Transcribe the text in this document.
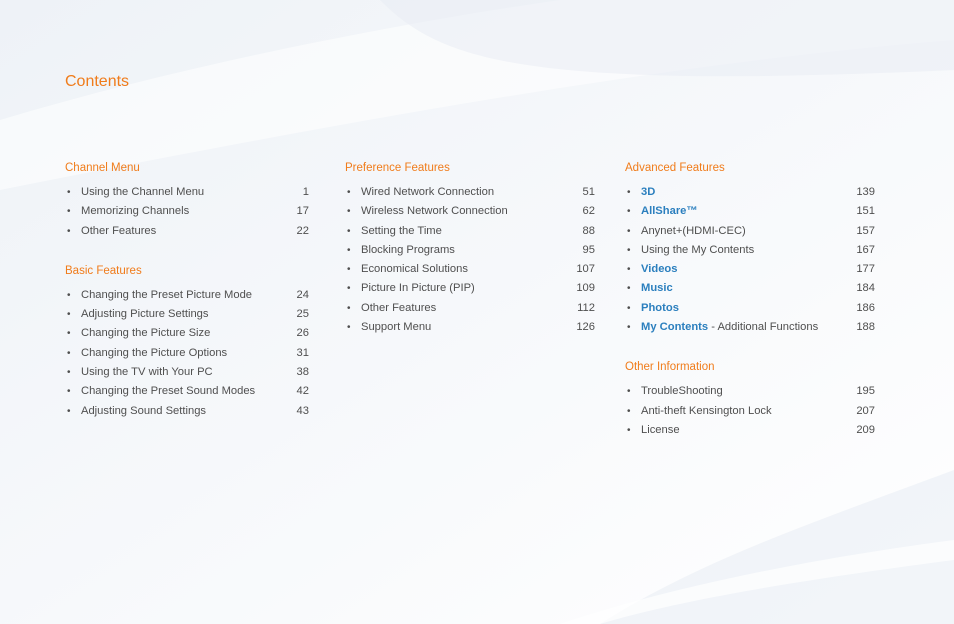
Contents
Channel Menu
• Using the Channel Menu	1
• Memorizing Channels	17
• Other Features	22
Basic Features
• Changing the Preset Picture Mode	24
• Adjusting Picture Settings	25
• Changing the Picture Size	26
• Changing the Picture Options	31
• Using the TV with Your PC	38
• Changing the Preset Sound Modes	42
• Adjusting Sound Settings	43
Preference Features
• Wired Network Connection	51
• Wireless Network Connection	62
• Setting the Time	88
• Blocking Programs	95
• Economical Solutions	107
• Picture In Picture (PIP)	109
• Other Features	112
• Support Menu	126
Advanced Features
• 3D	139
• AllShare™	151
• Anynet+(HDMI-CEC)	157
• Using the My Contents	167
• Videos	177
• Music	184
• Photos	186
• My Contents - Additional Functions	188
Other Information
• TroubleShooting	195
• Anti-theft Kensington Lock	207
• License	209
